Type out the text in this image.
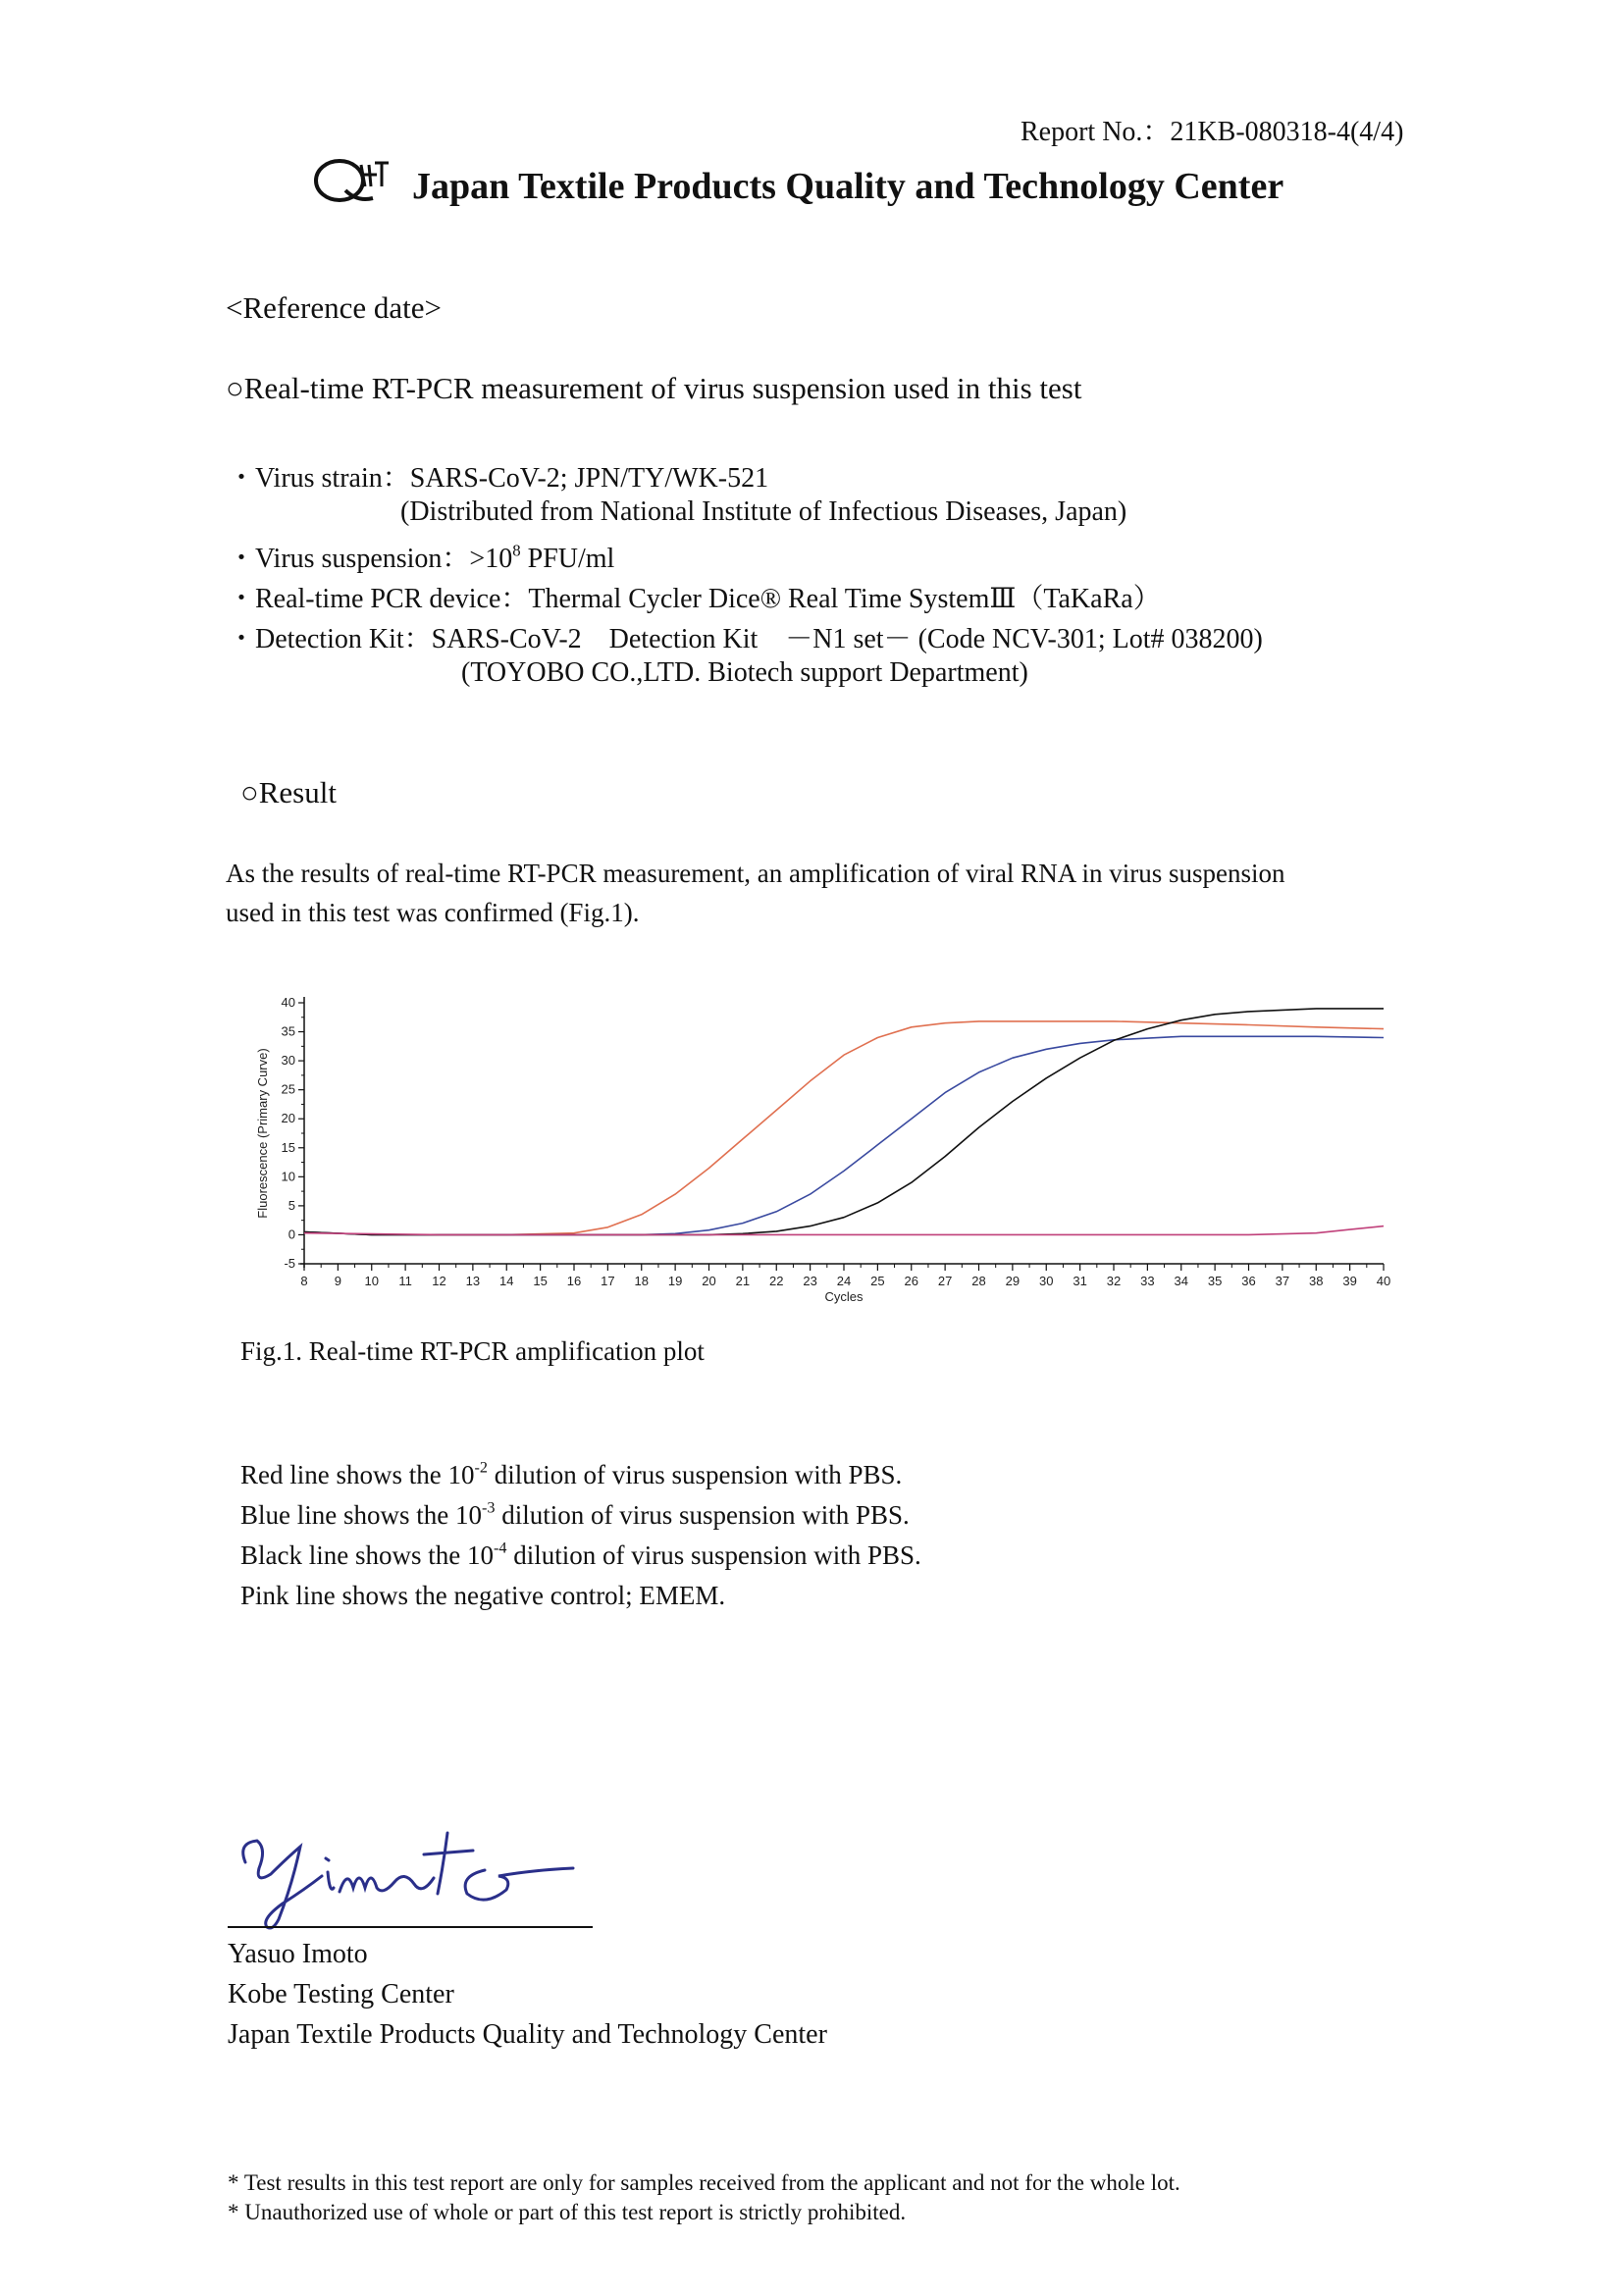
Report No.：21KB-080318-4(4/4)
Japan Textile Products Quality and Technology Center
<Reference date>
○Real-time RT-PCR measurement of virus suspension used in this test
・Virus strain：SARS-CoV-2; JPN/TY/WK-521
(Distributed from National Institute of Infectious Diseases, Japan)
・Virus suspension：$>10^8$ PFU/ml
・Real-time PCR device：Thermal Cycler Dice® Real Time SystemⅢ（TaKaRa）
・Detection Kit：SARS-CoV-2　Detection Kit　－N1 set－ (Code NCV-301; Lot# 038200)
(TOYOBO CO.,LTD. Biotech support Department)
○Result
As the results of real-time RT-PCR measurement, an amplification of viral RNA in virus suspension
used in this test was confirmed (Fig.1).
-5
0
5
10
15
20
25
30
35
40
8 9 10 11 12 13 14 15 16 17 18 19 20 21 22 23 24 25 26 27 28 29 30 31 32 33 34 35 36 37 38 39 40
Cycles
Fluorescence (Primary Curve)
Fig.1. Real-time RT-PCR amplification plot
Red line shows the $10^{-2}$ dilution of virus suspension with PBS.
Blue line shows the $10^{-3}$ dilution of virus suspension with PBS.
Black line shows the $10^{-4}$ dilution of virus suspension with PBS.
Pink line shows the negative control; EMEM.
Yasuo Imoto
Kobe Testing Center
Japan Textile Products Quality and Technology Center
* Test results in this test report are only for samples received from the applicant and not for the whole lot.
* Unauthorized use of whole or part of this test report is strictly prohibited.
